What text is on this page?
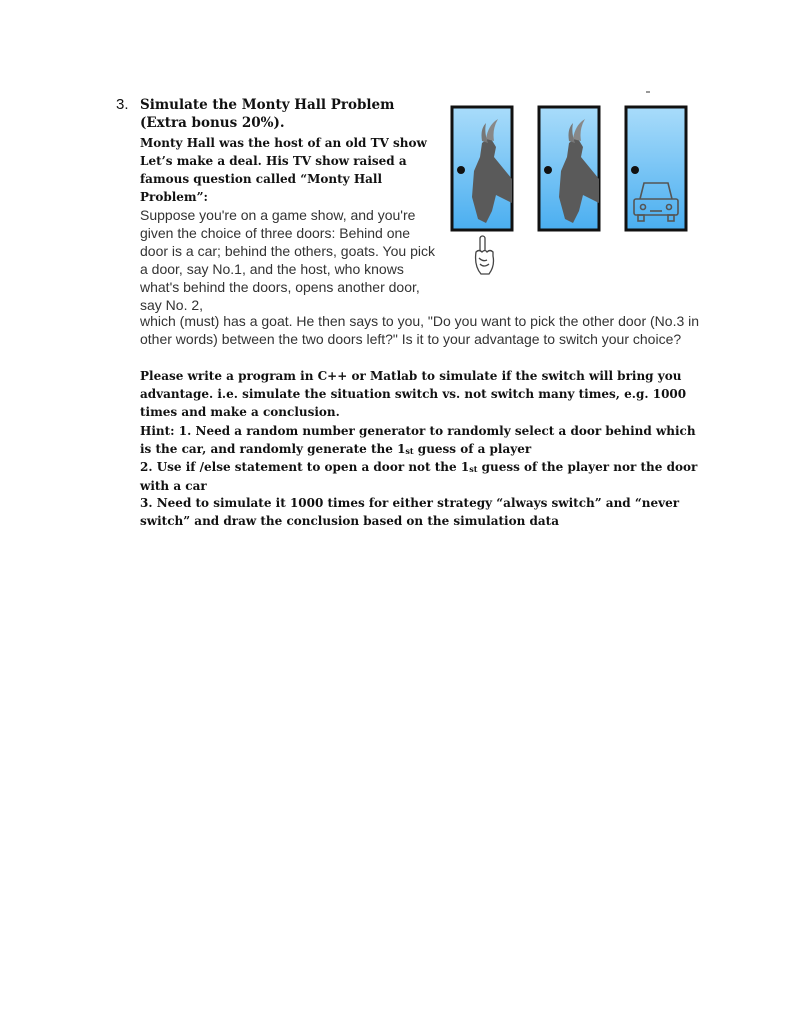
3. Simulate the Monty Hall Problem (Extra bonus 20%).

Monty Hall was the host of an old TV show Let’s make a deal. His TV show raised a famous question called “Monty Hall Problem”:

Suppose you're on a game show, and you're given the choice of three doors: Behind one door is a car; behind the others, goats. You pick a door, say No.1, and the host, who knows what's behind the doors, opens another door, say No. 2,

which (must) has a goat. He then says to you, "Do you want to pick the other door (No.3 in other words) between the two doors left?" Is it to your advantage to switch your choice?

Please write a program in C++ or Matlab to simulate if the switch will bring you advantage. i.e. simulate the situation switch vs. not switch many times, e.g. 1000 times and make a conclusion.

Hint: 1. Need a random number generator to randomly select a door behind which is the car, and randomly generate the $1_{st}$ guess of a player
2. Use if /else statement to open a door not the $1_{st}$ guess of the player nor the door with a car
3. Need to simulate it 1000 times for either strategy “always switch” and “never switch” and draw the conclusion based on the simulation data
